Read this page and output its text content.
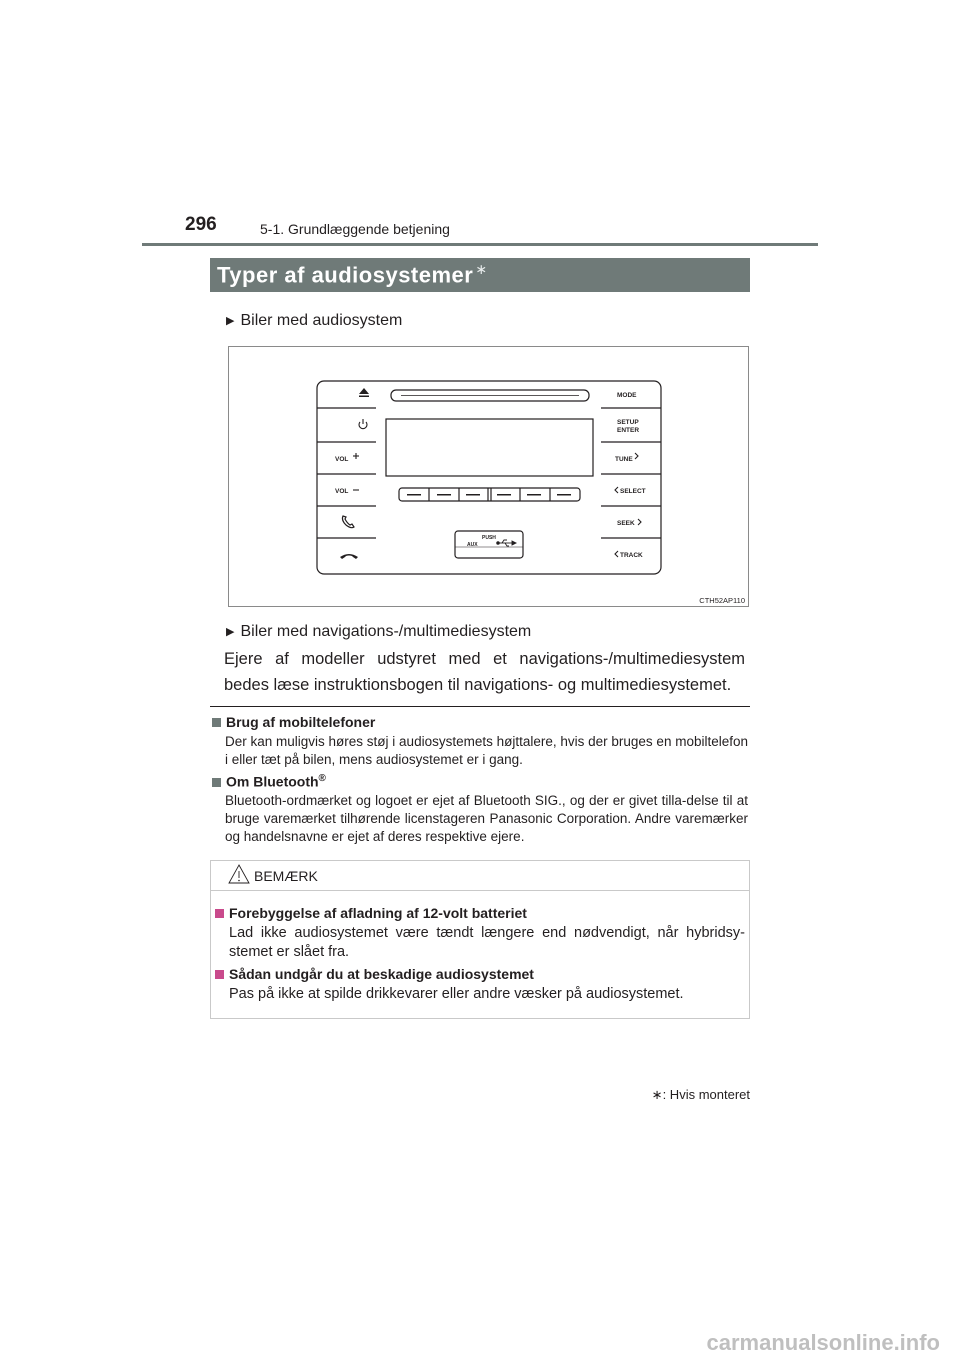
296	5-1. Grundlæggende betjening
Typer af audiosystemer ∗
▶ Biler med audiosystem
MODE
SETUP
ENTER
TUNE
SELECT
SEEK
TRACK
VOL
VOL
PUSH
AUX
CTH52AP110
▶ Biler med navigations-/multimediesystem
Ejere af modeller udstyret med et navigations-/multimediesystem bedes læse instruktionsbogen til navigations- og multimediesystemet.
Brug af mobiltelefoner
Der kan muligvis høres støj i audiosystemets højttalere, hvis der bruges en mobiltelefon i eller tæt på bilen, mens audiosystemet er i gang.
Om Bluetooth®
Bluetooth-ordmærket og logoet er ejet af Bluetooth SIG., og der er givet tilla-delse til at bruge varemærket tilhørende licenstageren Panasonic Corporation. Andre varemærker og handelsnavne er ejet af deres respektive ejere.
BEMÆRK
Forebyggelse af afladning af 12-volt batteriet
Lad ikke audiosystemet være tændt længere end nødvendigt, når hybridsy-stemet er slået fra.
Sådan undgår du at beskadige audiosystemet
Pas på ikke at spilde drikkevarer eller andre væsker på audiosystemet.
∗: Hvis monteret
carmanualsonline.info
